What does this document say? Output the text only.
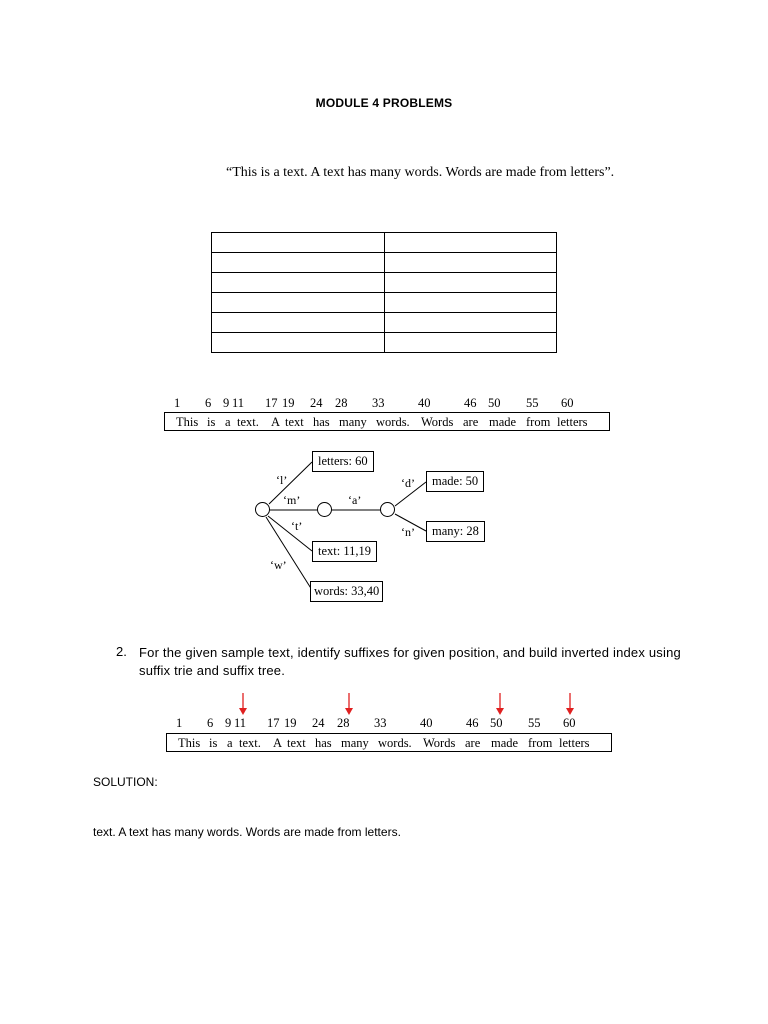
MODULE 4 PROBLEMS
“This is a text. A text has many words. Words are made from letters”.

1 6 9 11 17 19 24 28 33	40	46 50 55 60
This is a text. A text has many words. Words are made from letters
letters: 60
text: 11,19
words: 33,40
made: 50
many: 28
‘l’
‘m’
‘t’
‘w’
‘a’
‘d’
‘n’
2. For the given sample text, identify suffixes for given position, and build inverted index using suffix trie and suffix tree.
1 6 9 11 17 19 24 28 33	40	46 50 55 60
This is a text. A text has many words. Words are made from letters
SOLUTION:
text. A text has many words. Words are made from letters.
